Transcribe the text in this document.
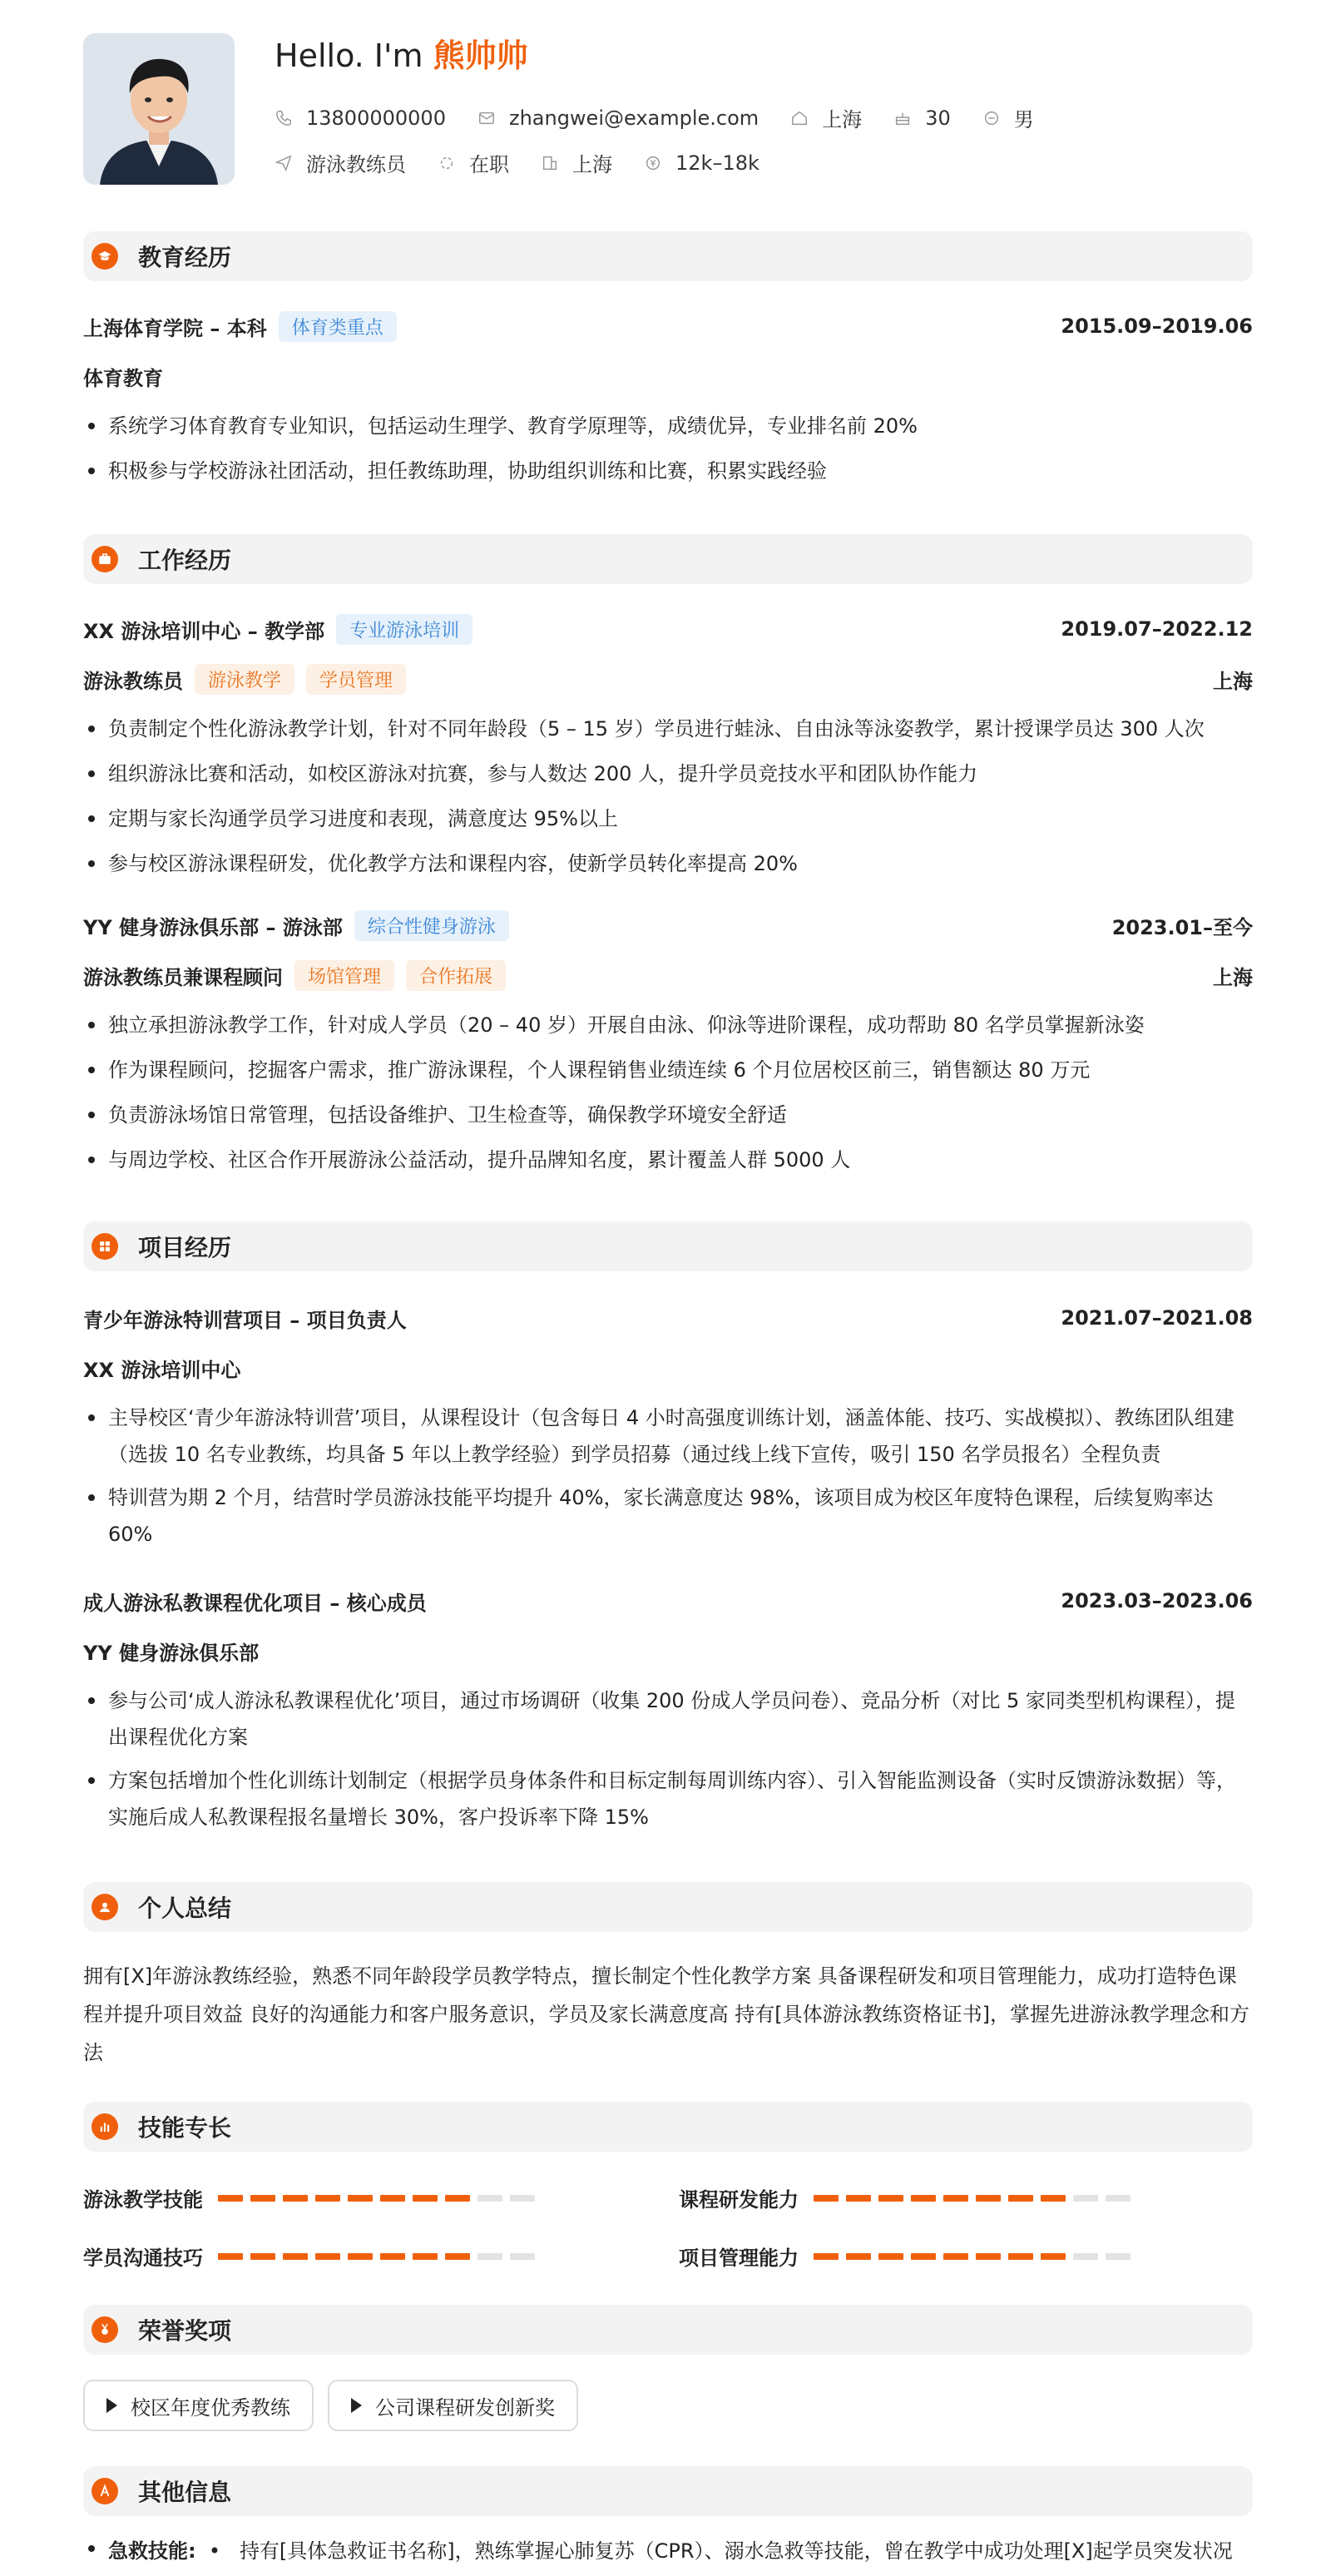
Hello. I'm 熊帅帅
13800000000	zhangwei@example.com	上海	30	男
游泳教练员	在职	上海	12k–18k
教育经历
上海体育学院 – 本科	体育类重点	2015.09–2019.06
体育教育
系统学习体育教育专业知识，包括运动生理学、教育学原理等，成绩优异，专业排名前 20%
积极参与学校游泳社团活动，担任教练助理，协助组织训练和比赛，积累实践经验
工作经历
XX 游泳培训中心 – 教学部	专业游泳培训	2019.07–2022.12
游泳教练员	游泳教学	学员管理	上海
负责制定个性化游泳教学计划，针对不同年龄段（5 – 15 岁）学员进行蛙泳、自由泳等泳姿教学，累计授课学员达 300 人次
组织游泳比赛和活动，如校区游泳对抗赛，参与人数达 200 人，提升学员竞技水平和团队协作能力
定期与家长沟通学员学习进度和表现，满意度达 95%以上
参与校区游泳课程研发，优化教学方法和课程内容，使新学员转化率提高 20%
YY 健身游泳俱乐部 – 游泳部	综合性健身游泳	2023.01–至今
游泳教练员兼课程顾问	场馆管理	合作拓展	上海
独立承担游泳教学工作，针对成人学员（20 – 40 岁）开展自由泳、仰泳等进阶课程，成功帮助 80 名学员掌握新泳姿
作为课程顾问，挖掘客户需求，推广游泳课程，个人课程销售业绩连续 6 个月位居校区前三，销售额达 80 万元
负责游泳场馆日常管理，包括设备维护、卫生检查等，确保教学环境安全舒适
与周边学校、社区合作开展游泳公益活动，提升品牌知名度，累计覆盖人群 5000 人
项目经历
青少年游泳特训营项目 – 项目负责人	2021.07–2021.08
XX 游泳培训中心
主导校区‘青少年游泳特训营’项目，从课程设计（包含每日 4 小时高强度训练计划，涵盖体能、技巧、实战模拟）、教练团队组建（选拔 10 名专业教练，均具备 5 年以上教学经验）到学员招募（通过线上线下宣传，吸引 150 名学员报名）全程负责
特训营为期 2 个月，结营时学员游泳技能平均提升 40%，家长满意度达 98%，该项目成为校区年度特色课程，后续复购率达 60%
成人游泳私教课程优化项目 – 核心成员	2023.03–2023.06
YY 健身游泳俱乐部
参与公司‘成人游泳私教课程优化’项目，通过市场调研（收集 200 份成人学员问卷）、竞品分析（对比 5 家同类型机构课程），提出课程优化方案
方案包括增加个性化训练计划制定（根据学员身体条件和目标定制每周训练内容）、引入智能监测设备（实时反馈游泳数据）等，实施后成人私教课程报名量增长 30%，客户投诉率下降 15%
个人总结
拥有[X]年游泳教练经验，熟悉不同年龄段学员教学特点，擅长制定个性化教学方案 具备课程研发和项目管理能力，成功打造特色课程并提升项目效益 良好的沟通能力和客户服务意识，学员及家长满意度高 持有[具体游泳教练资格证书]，掌握先进游泳教学理念和方法
技能专长
游泳教学技能	课程研发能力
学员沟通技巧	项目管理能力
荣誉奖项
校区年度优秀教练	公司课程研发创新奖
其他信息
急救技能:  •   持有[具体急救证书名称]，熟练掌握心肺复苏（CPR）、溺水急救等技能，曾在教学中成功处理[X]起学员突发状况
